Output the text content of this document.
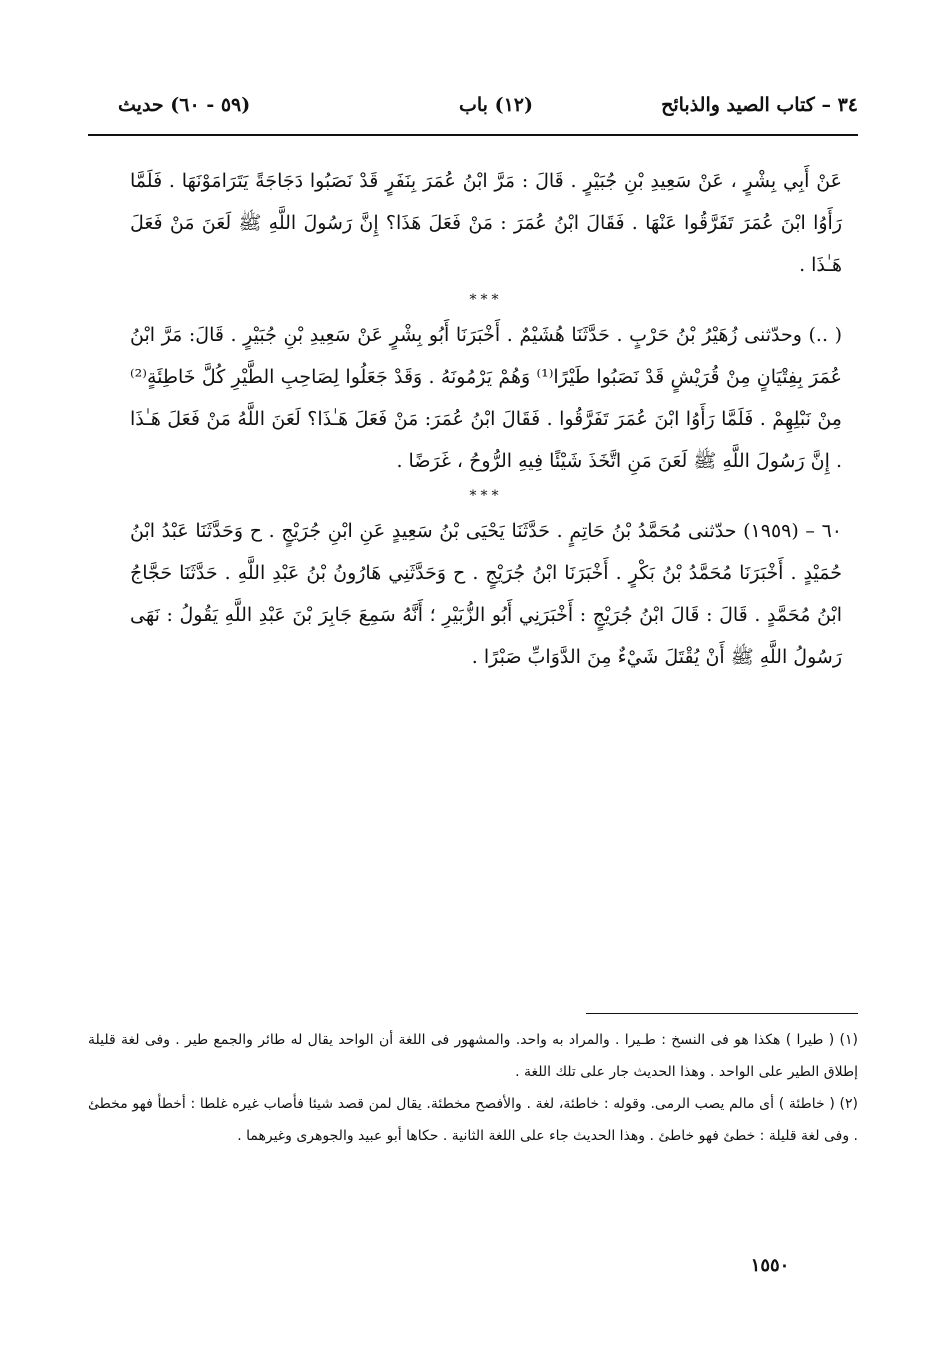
٣٤ – كتاب الصيد والذبائح
(١٢) باب
(٥٩ - ٦٠) حديث

عَنْ أَبِي بِشْرٍ ، عَنْ سَعِيدِ بْنِ جُبَيْرٍ . قَالَ : مَرَّ ابْنُ عُمَرَ بِنَفَرٍ قَدْ نَصَبُوا دَجَاجَةً يَتَرَامَوْنَهَا . فَلَمَّا رَأَوُا ابْنَ عُمَرَ تَفَرَّقُوا عَنْهَا . فَقَالَ ابْنُ عُمَرَ : مَنْ فَعَلَ هَذَا؟ إِنَّ رَسُولَ اللَّهِ ﷺ لَعَنَ مَنْ فَعَلَ هَـٰذَا .

***

( ..) وحدّثنى زُهَيْرُ بْنُ حَرْبٍ . حَدَّثَنَا هُشَيْمٌ . أَخْبَرَنَا أَبُو بِشْرٍ عَنْ سَعِيدِ بْنِ جُبَيْرٍ . قَالَ: مَرَّ ابْنُ عُمَرَ بِفِتْيَانٍ مِنْ قُرَيْشٍ قَدْ نَصَبُوا طَيْرًا⁽¹⁾ وَهُمْ يَرْمُونَهُ . وَقَدْ جَعَلُوا لِصَاحِبِ الطَّيْرِ كُلَّ خَاطِئَةٍ⁽²⁾ مِنْ نَبْلِهِمْ . فَلَمَّا رَأَوُا ابْنَ عُمَرَ تَفَرَّقُوا . فَقَالَ ابْنُ عُمَرَ: مَنْ فَعَلَ هَـٰذَا؟ لَعَنَ اللَّهُ مَنْ فَعَلَ هَـٰذَا . إِنَّ رَسُولَ اللَّهِ ﷺ لَعَنَ مَنِ اتَّخَذَ شَيْئًا فِيهِ الرُّوحُ ، غَرَضًا .

***

٦٠ – (١٩٥٩) حدّثنى مُحَمَّدُ بْنُ حَاتِمٍ . حَدَّثَنَا يَحْيَى بْنُ سَعِيدٍ عَنِ ابْنِ جُرَيْجٍ . ح وَحَدَّثَنَا عَبْدُ ابْنُ حُمَيْدٍ . أَخْبَرَنَا مُحَمَّدُ بْنُ بَكْرٍ . أَخْبَرَنَا ابْنُ جُرَيْجٍ . ح وَحَدَّثَنِي هَارُونُ بْنُ عَبْدِ اللَّهِ . حَدَّثَنَا حَجَّاجُ ابْنُ مُحَمَّدٍ . قَالَ : قَالَ ابْنُ جُرَيْجٍ : أَخْبَرَنِي أَبُو الزُّبَيْرِ ؛ أَنَّهُ سَمِعَ جَابِرَ بْنَ عَبْدِ اللَّهِ يَقُولُ : نَهَى رَسُولُ اللَّهِ ﷺ أَنْ يُقْتَلَ شَيْءٌ مِنَ الدَّوَابِّ صَبْرًا .

(١) ( طيرا ) هكذا هو فى النسخ : طـيرا . والمراد به واحد. والمشهور فى اللغة أن الواحد يقال له طائر والجمع طير . وفى لغة قليلة إطلاق الطير على الواحد . وهذا الحديث جار على تلك اللغة .

(٢) ( خاطئة ) أى مالم يصب الرمى. وقوله : خاطئة، لغة . والأفصح مخطئة. يقال لمن قصد شيئا فأصاب غيره غلطا : أخطأ فهو مخطئ . وفى لغة قليلة : خطئ فهو خاطئ . وهذا الحديث جاء على اللغة الثانية . حكاها أبو عبيد والجوهرى وغيرهما .

١٥٥٠
